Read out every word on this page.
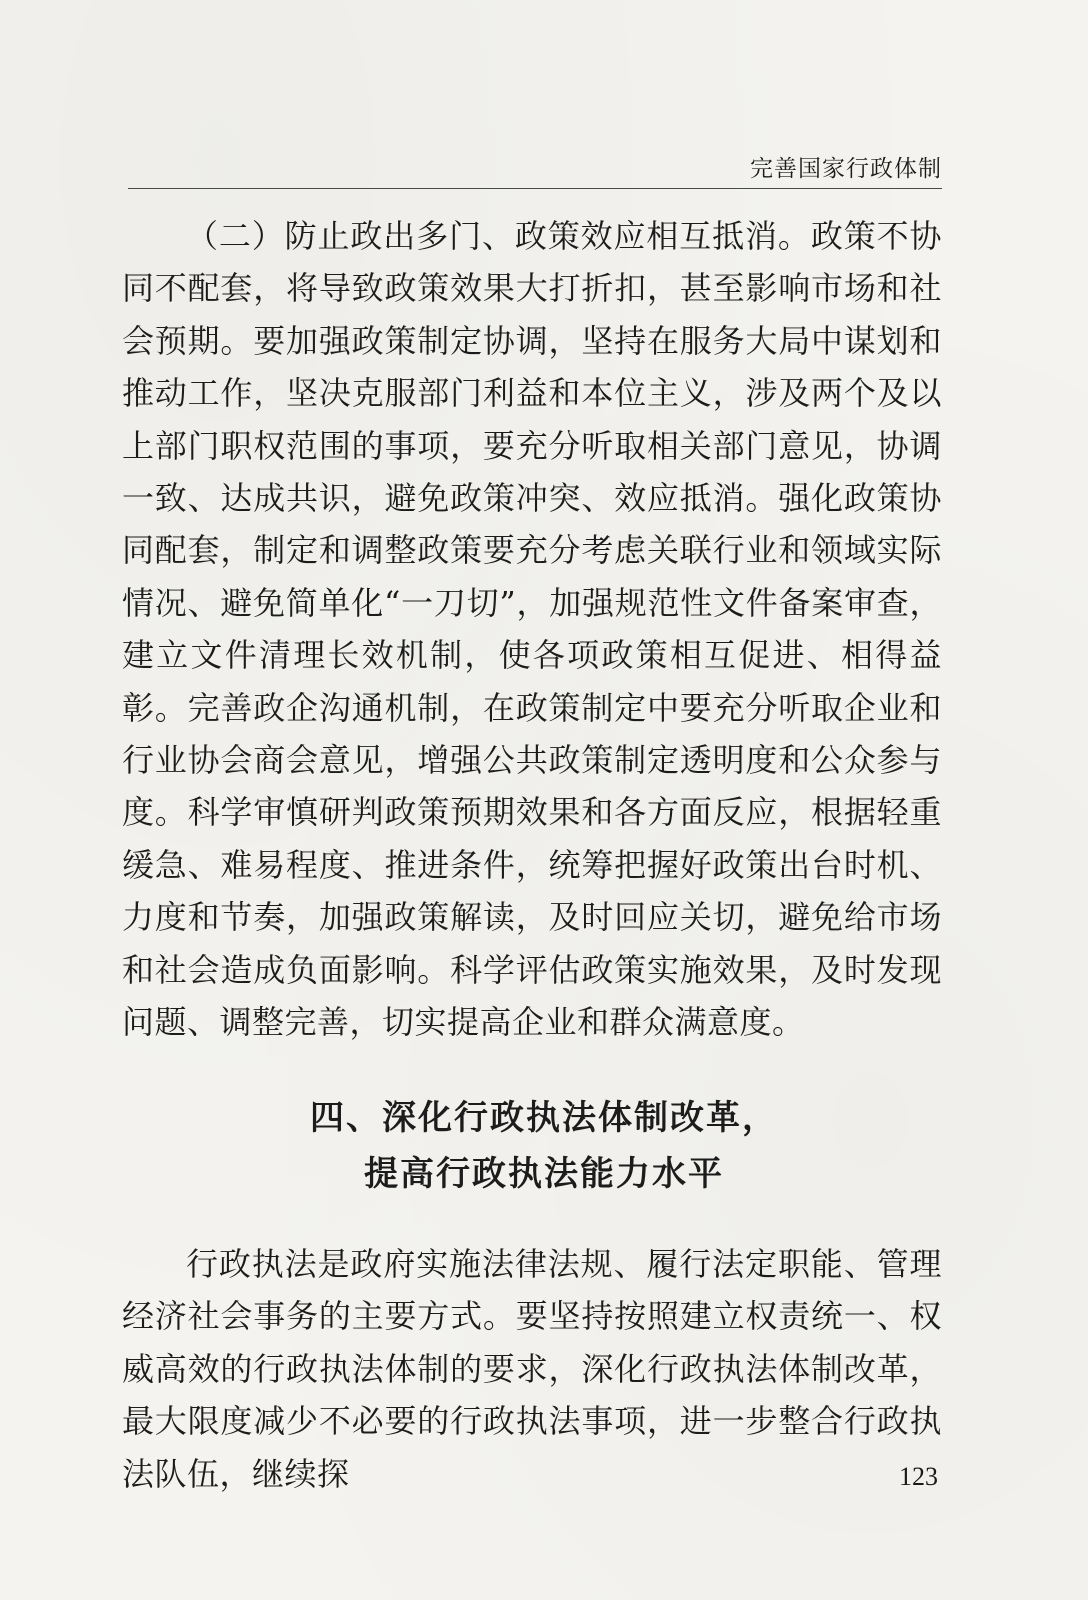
完善国家行政体制

（二）防止政出多门、政策效应相互抵消。政策不协同不配套，将导致政策效果大打折扣，甚至影响市场和社会预期。要加强政策制定协调，坚持在服务大局中谋划和推动工作，坚决克服部门利益和本位主义，涉及两个及以上部门职权范围的事项，要充分听取相关部门意见，协调一致、达成共识，避免政策冲突、效应抵消。强化政策协同配套，制定和调整政策要充分考虑关联行业和领域实际情况、避免简单化“一刀切”，加强规范性文件备案审查，建立文件清理长效机制，使各项政策相互促进、相得益彰。完善政企沟通机制，在政策制定中要充分听取企业和行业协会商会意见，增强公共政策制定透明度和公众参与度。科学审慎研判政策预期效果和各方面反应，根据轻重缓急、难易程度、推进条件，统筹把握好政策出台时机、力度和节奏，加强政策解读，及时回应关切，避免给市场和社会造成负面影响。科学评估政策实施效果，及时发现问题、调整完善，切实提高企业和群众满意度。

四、深化行政执法体制改革，
提高行政执法能力水平

行政执法是政府实施法律法规、履行法定职能、管理经济社会事务的主要方式。要坚持按照建立权责统一、权威高效的行政执法体制的要求，深化行政执法体制改革，最大限度减少不必要的行政执法事项，进一步整合行政执法队伍，继续探	123
